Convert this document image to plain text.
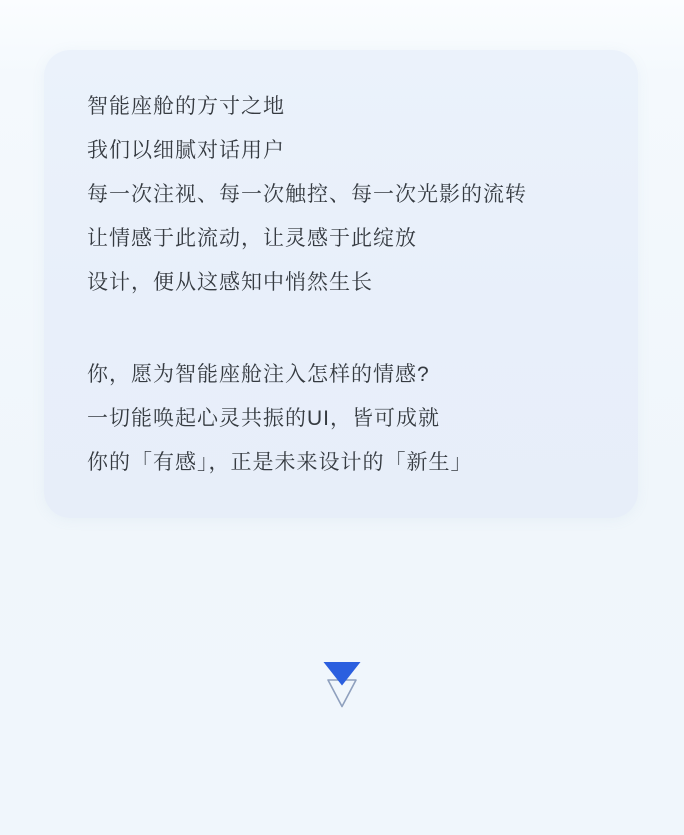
智能座舱的方寸之地

我们以细腻对话用户

每一次注视、每一次触控、每一次光影的流转

让情感于此流动，让灵感于此绽放

设计，便从这感知中悄然生长

你，愿为智能座舱注入怎样的情感?

一切能唤起心灵共振的UI，皆可成就

你的「有感」，正是未来设计的「新生」
